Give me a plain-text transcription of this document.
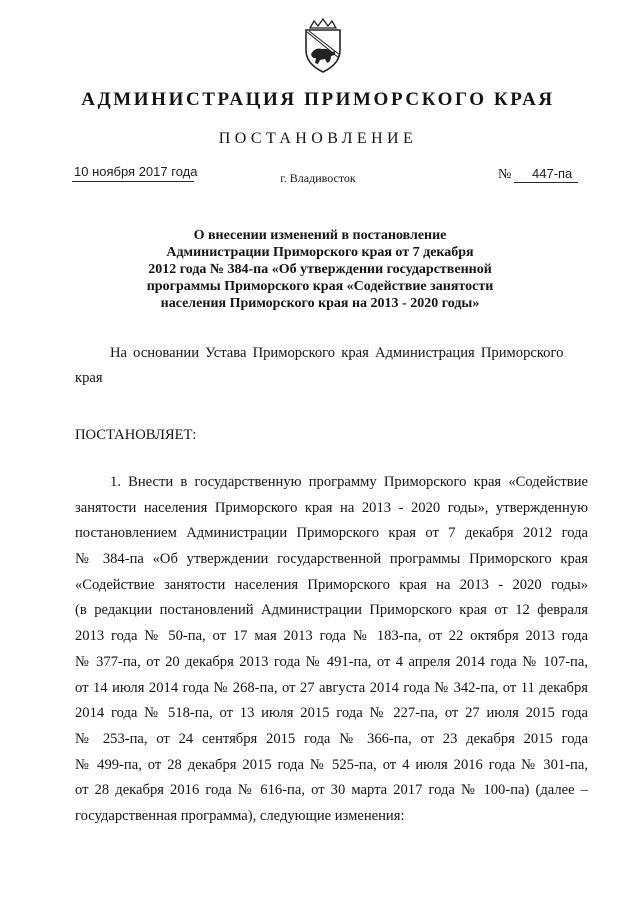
АДМИНИСТРАЦИЯ ПРИМОРСКОГО КРАЯ
ПОСТАНОВЛЕНИЕ
10 ноября 2017 года	г. Владивосток	№ 447-па
О внесении изменений в постановление
Администрации Приморского края от 7 декабря
2012 года № 384-па «Об утверждении государственной
программы Приморского края «Содействие занятости
населения Приморского края на 2013 - 2020 годы»
На основании Устава Приморского края Администрация Приморского
края
ПОСТАНОВЛЯЕТ:
1. Внести в государственную программу Приморского края «Содействие
занятости населения Приморского края на 2013 - 2020 годы», утвержденную
постановлением Администрации Приморского края от 7 декабря 2012 года
№ 384-па «Об утверждении государственной программы Приморского края
«Содействие занятости населения Приморского края на 2013 - 2020 годы»
(в редакции постановлений Администрации Приморского края от 12 февраля
2013 года № 50-па, от 17 мая 2013 года № 183-па, от 22 октября 2013 года
№ 377-па, от 20 декабря 2013 года № 491-па, от 4 апреля 2014 года № 107-па,
от 14 июля 2014 года № 268-па, от 27 августа 2014 года № 342-па, от 11 декабря
2014 года № 518-па, от 13 июля 2015 года № 227-па, от 27 июля 2015 года
№ 253-па, от 24 сентября 2015 года № 366-па, от 23 декабря 2015 года
№ 499-па, от 28 декабря 2015 года № 525-па, от 4 июля 2016 года № 301-па,
от 28 декабря 2016 года № 616-па, от 30 марта 2017 года № 100-па) (далее –
государственная программа), следующие изменения:
